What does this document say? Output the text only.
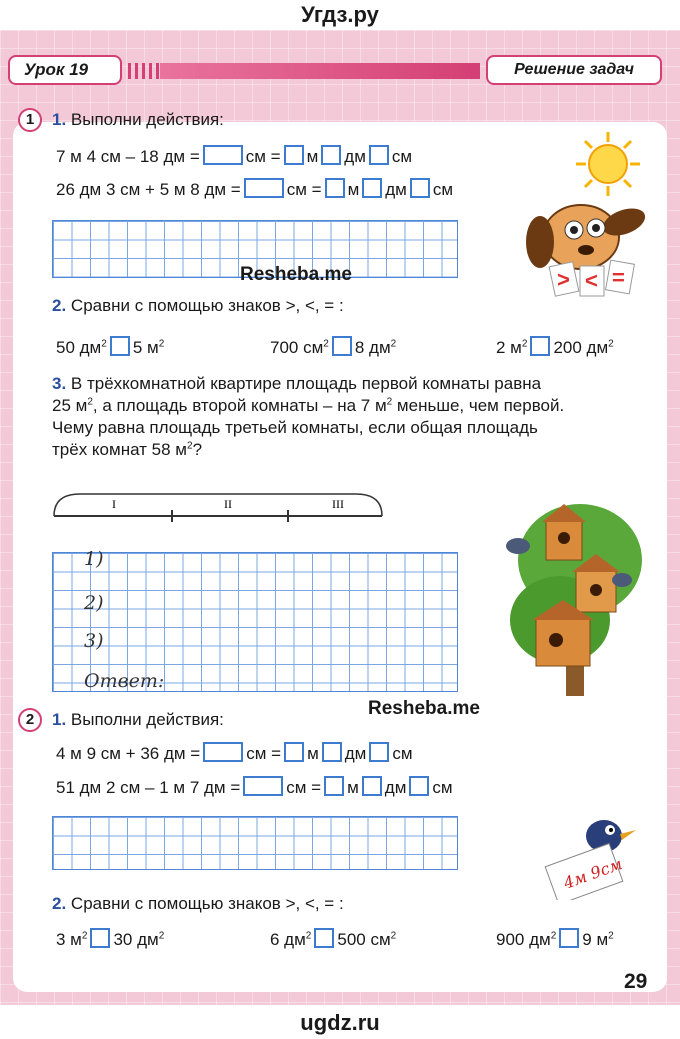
Угдз.ру
Урок 19	Решение задач
1	1. Выполни действия:
7 м 4 см – 18 дм =	см = м дм см
26 дм 3 см + 5 м 8 дм =	см = м дм см
Resheba.me	> < =
2. Сравни с помощью знаков >, <, = :
50 $дм^2$ 5 $м^2$	700 $см^2$ 8 $дм^2$	2 $м^2$ 200 $дм^2$
3. В трёхкомнатной квартире площадь первой комнаты равна
25 $м^2$, а площадь второй комнаты – на 7 $м^2$ меньше, чем первой.
Чему равна площадь третьей комнаты, если общая площадь
трёх комнат 58 $м^2$?
I	II	III
1)
2)
3)
Ответ:
2	1. Выполни действия:
Resheba.me
4 м 9 см + 36 дм =	см = м дм см
51 дм 2 см – 1 м 7 дм =	см = м дм см
4м 9см
2. Сравни с помощью знаков >, <, = :
3 $м^2$ 30 $дм^2$	6 $дм^2$ 500 $см^2$	900 $дм^2$ 9 $м^2$
29
ugdz.ru
